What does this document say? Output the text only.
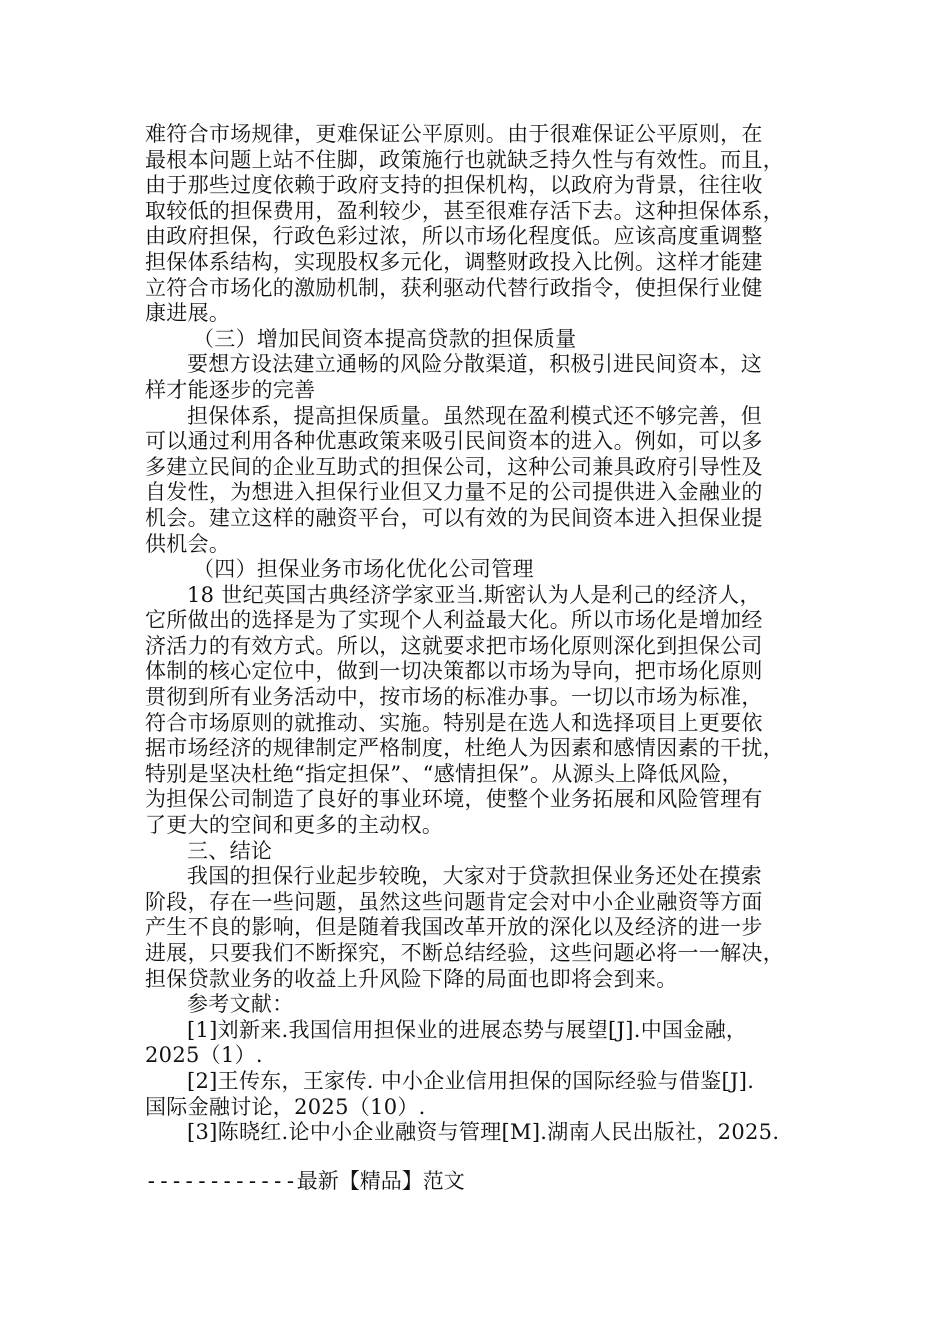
难符合市场规律，更难保证公平原则。由于很难保证公平原则，在
最根本问题上站不住脚，政策施行也就缺乏持久性与有效性。而且，
由于那些过度依赖于政府支持的担保机构，以政府为背景，往往收
取较低的担保费用，盈利较少，甚至很难存活下去。这种担保体系，
由政府担保，行政色彩过浓，所以市场化程度低。应该高度重调整
担保体系结构，实现股权多元化，调整财政投入比例。这样才能建
立符合市场化的激励机制，获利驱动代替行政指令，使担保行业健
康进展。
（三）增加民间资本提高贷款的担保质量
要想方设法建立通畅的风险分散渠道，积极引进民间资本，这
样才能逐步的完善
担保体系，提高担保质量。虽然现在盈利模式还不够完善，但
可以通过利用各种优惠政策来吸引民间资本的进入。例如，可以多
多建立民间的企业互助式的担保公司，这种公司兼具政府引导性及
自发性，为想进入担保行业但又力量不足的公司提供进入金融业的
机会。建立这样的融资平台，可以有效的为民间资本进入担保业提
供机会。
（四）担保业务市场化优化公司管理
18 世纪英国古典经济学家亚当.斯密认为人是利己的经济人，
它所做出的选择是为了实现个人利益最大化。所以市场化是增加经
济活力的有效方式。所以，这就要求把市场化原则深化到担保公司
体制的核心定位中，做到一切决策都以市场为导向，把市场化原则
贯彻到所有业务活动中，按市场的标准办事。一切以市场为标准，
符合市场原则的就推动、实施。特别是在选人和选择项目上更要依
据市场经济的规律制定严格制度，杜绝人为因素和感情因素的干扰，
特别是坚决杜绝“指定担保”、“感情担保”。从源头上降低风险，
为担保公司制造了良好的事业环境，使整个业务拓展和风险管理有
了更大的空间和更多的主动权。
三、结论
我国的担保行业起步较晚，大家对于贷款担保业务还处在摸索
阶段，存在一些问题，虽然这些问题肯定会对中小企业融资等方面
产生不良的影响，但是随着我国改革开放的深化以及经济的进一步
进展，只要我们不断探究，不断总结经验，这些问题必将一一解决，
担保贷款业务的收益上升风险下降的局面也即将会到来。
参考文献：
[1]刘新来.我国信用担保业的进展态势与展望[J].中国金融，
2025（1）.
[2]王传东，王家传. 中小企业信用担保的国际经验与借鉴[J].
国际金融讨论，2025（10）.
[3]陈晓红.论中小企业融资与管理[M].湖南人民出版社，2025.
------------最新【精品】范文
